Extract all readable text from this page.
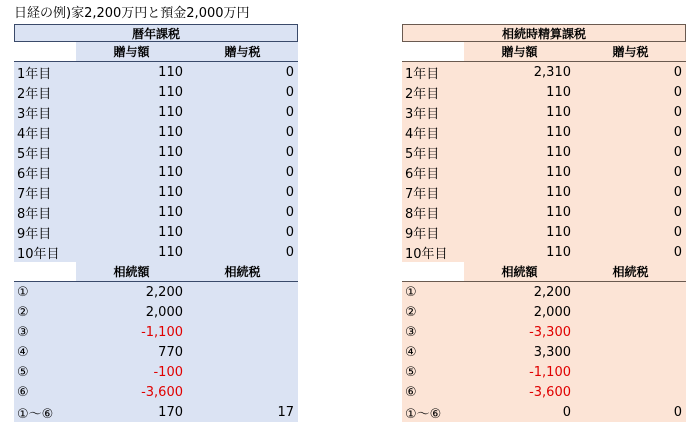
日経の例)家2,200万円と預金2,000万円
暦年課税
	贈与額	贈与税
1年目	110	0
2年目	110	0
3年目	110	0
4年目	110	0
5年目	110	0
6年目	110	0
7年目	110	0
8年目	110	0
9年目	110	0
10年目	110	0
	相続額	相続税
①	2,200	
②	2,000	
③	-1,100	
④	770	
⑤	-100	
⑥	-3,600	
①～⑥	170	17
相続時精算課税
	贈与額	贈与税
1年目	2,310	0
2年目	110	0
3年目	110	0
4年目	110	0
5年目	110	0
6年目	110	0
7年目	110	0
8年目	110	0
9年目	110	0
10年目	110	0
	相続額	相続税
①	2,200	
②	2,000	
③	-3,300	
④	3,300	
⑤	-1,100	
⑥	-3,600	
①～⑥	0	0
